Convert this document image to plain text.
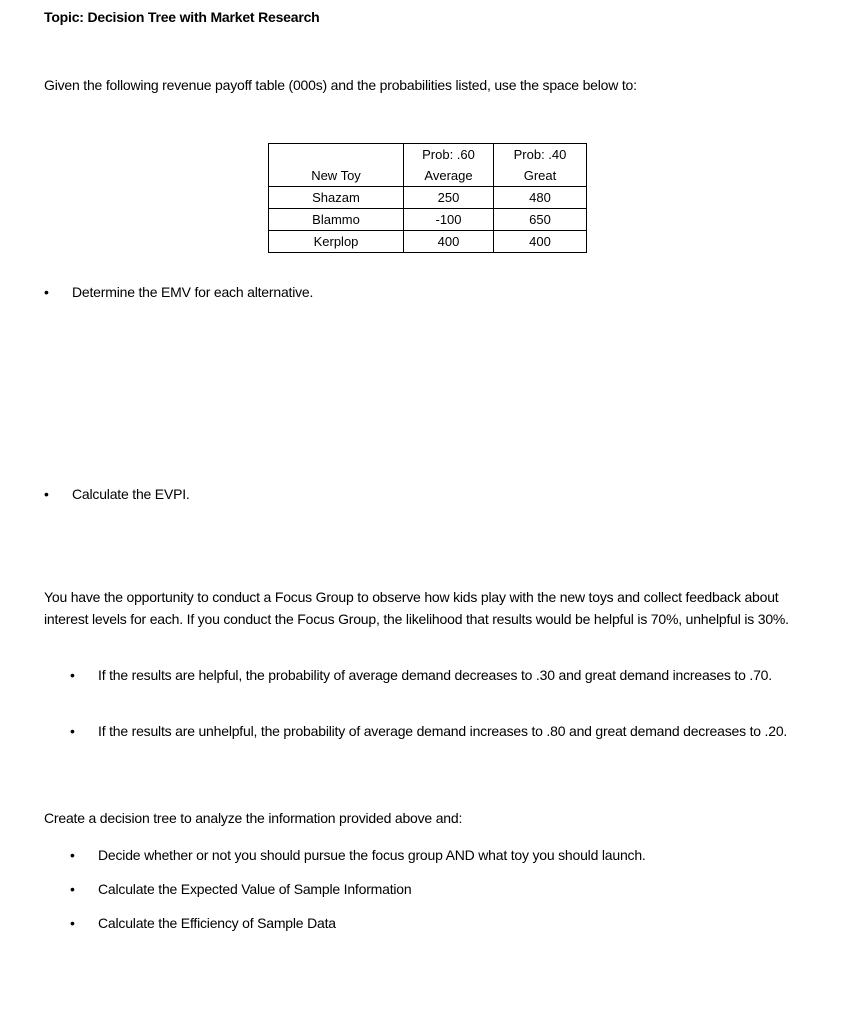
Topic: Decision Tree with Market Research
Given the following revenue payoff table (000s) and the probabilities listed, use the space below to:
	Prob: .60	Prob: .40
New Toy	Average	Great
Shazam	250	480
Blammo	-100	650
Kerplop	400	400
• Determine the EMV for each alternative.
• Calculate the EVPI.
You have the opportunity to conduct a Focus Group to observe how kids play with the new toys and collect feedback about interest levels for each. If you conduct the Focus Group, the likelihood that results would be helpful is 70%, unhelpful is 30%.
• If the results are helpful, the probability of average demand decreases to .30 and great demand increases to .70.
• If the results are unhelpful, the probability of average demand increases to .80 and great demand decreases to .20.
Create a decision tree to analyze the information provided above and:
• Decide whether or not you should pursue the focus group AND what toy you should launch.
• Calculate the Expected Value of Sample Information
• Calculate the Efficiency of Sample Data
